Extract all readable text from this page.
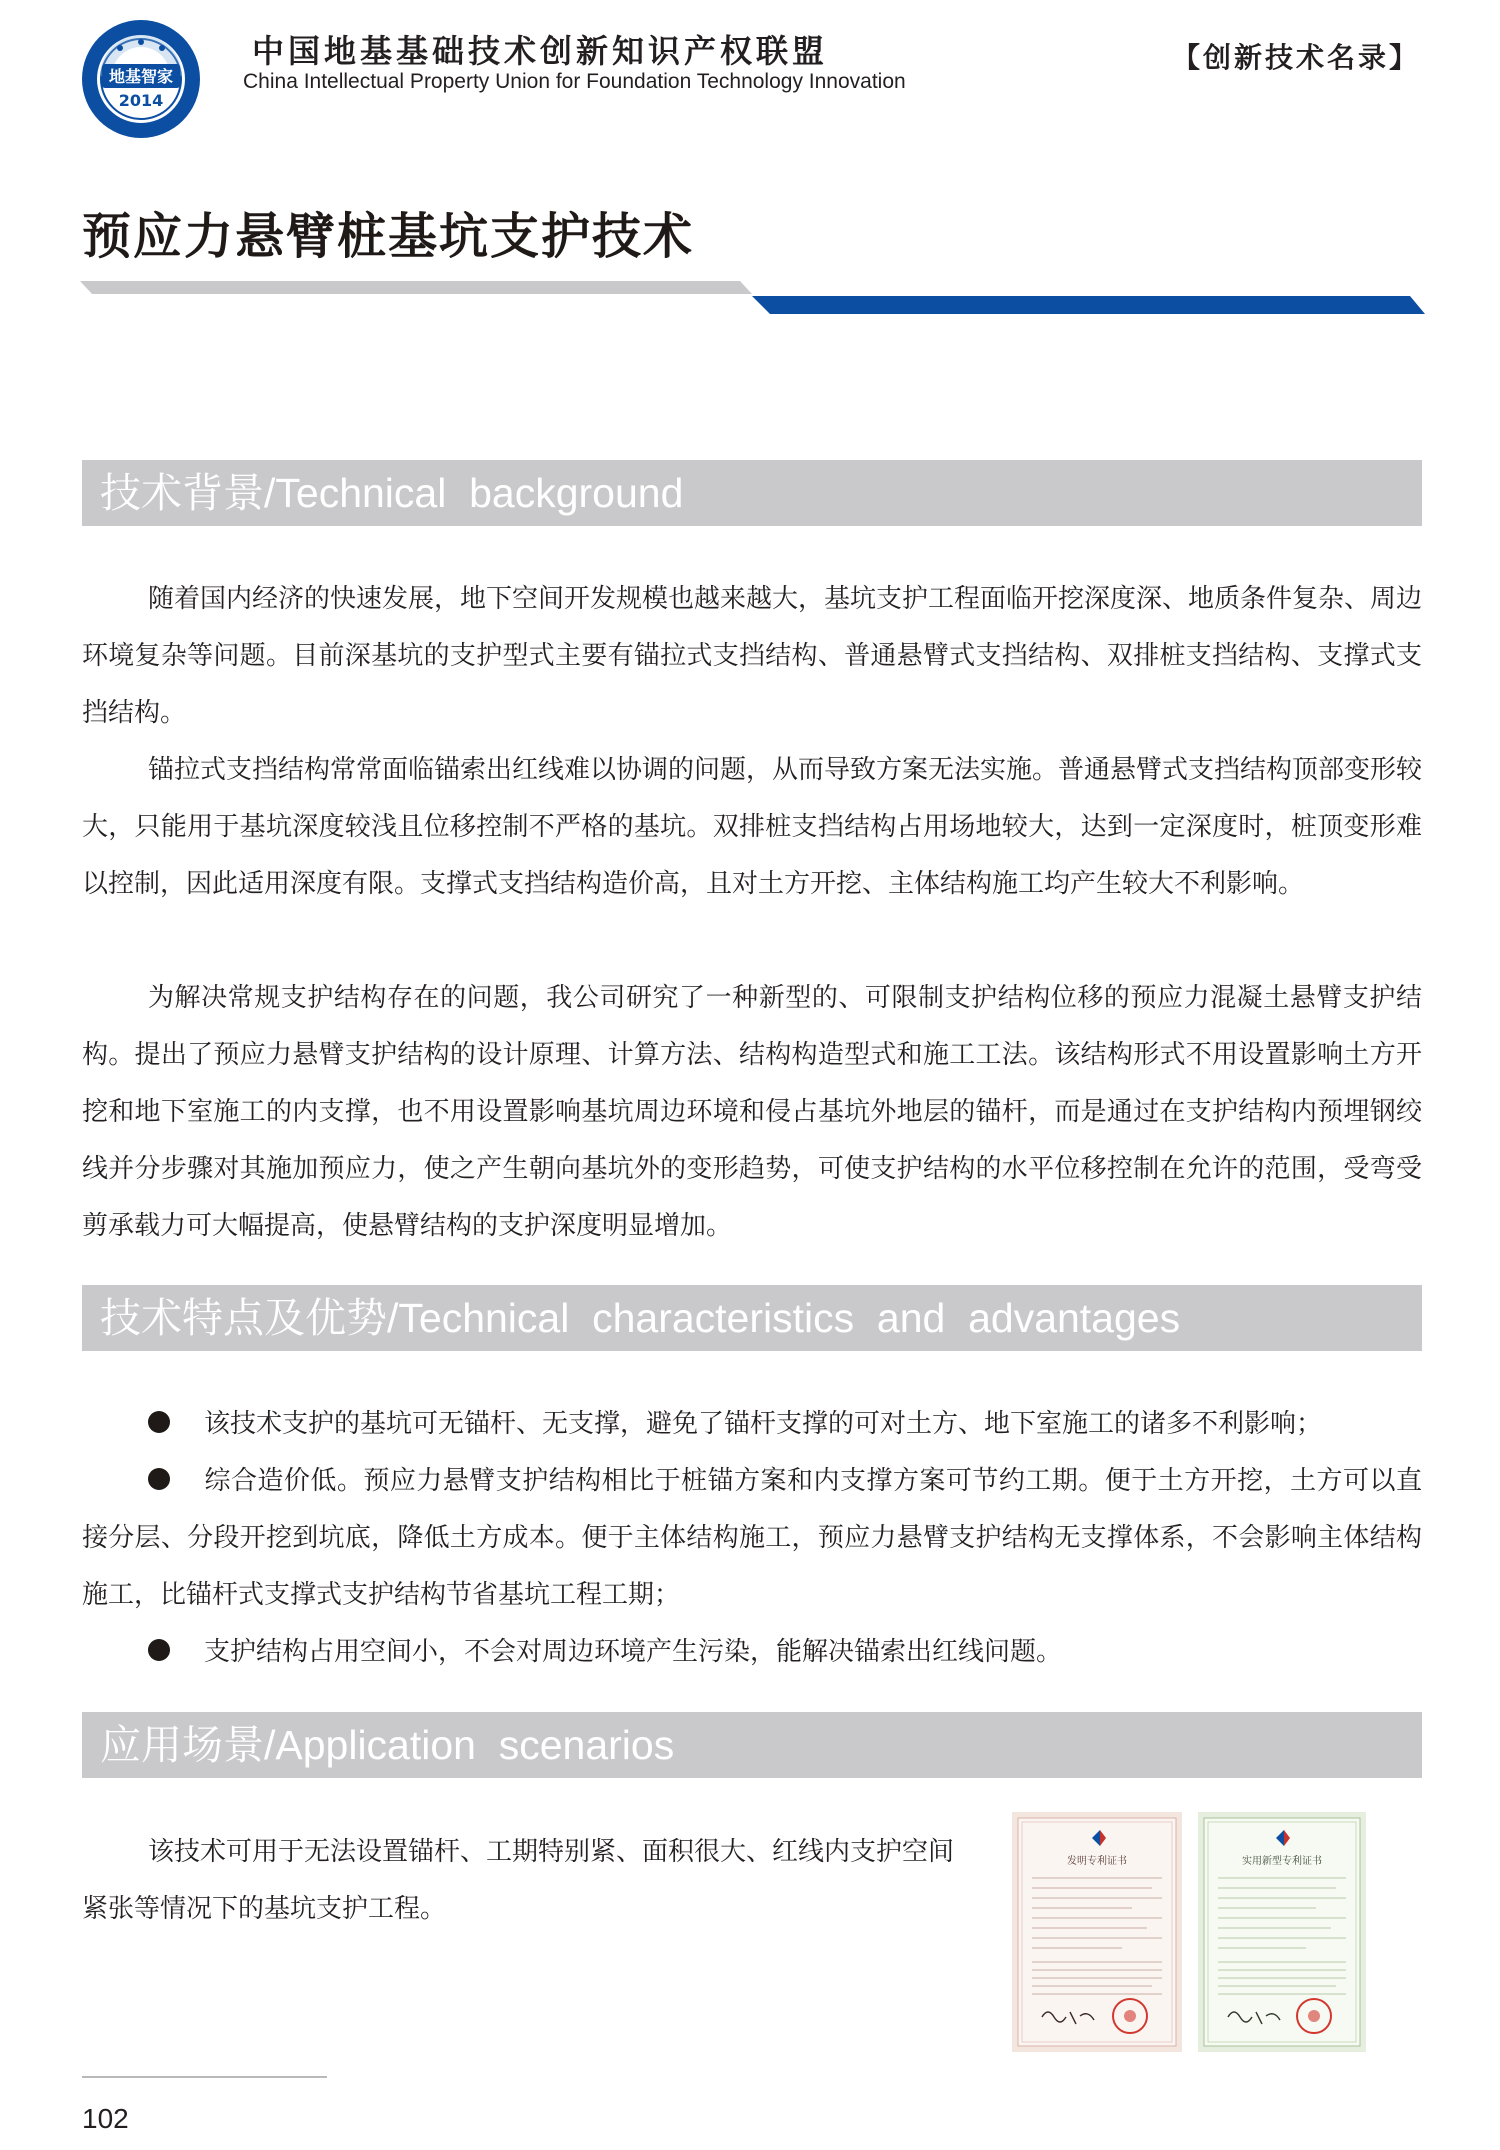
地基智家
2014
中国地基基础技术创新知识产权联盟
China Intellectual Property Union for Foundation Technology Innovation
【创新技术名录】
预应力悬臂桩基坑支护技术
技术背景/Technical  background

随着国内经济的快速发展，地下空间开发规模也越来越大，基坑支护工程面临开挖深度深、地质条件复杂、周边环境复杂等问题。目前深基坑的支护型式主要有锚拉式支挡结构、普通悬臂式支挡结构、双排桩支挡结构、支撑式支挡结构。

锚拉式支挡结构常常面临锚索出红线难以协调的问题，从而导致方案无法实施。普通悬臂式支挡结构顶部变形较大，只能用于基坑深度较浅且位移控制不严格的基坑。双排桩支挡结构占用场地较大，达到一定深度时，桩顶变形难以控制，因此适用深度有限。支撑式支挡结构造价高，且对土方开挖、主体结构施工均产生较大不利影响。

为解决常规支护结构存在的问题，我公司研究了一种新型的、可限制支护结构位移的预应力混凝土悬臂支护结构。提出了预应力悬臂支护结构的设计原理、计算方法、结构构造型式和施工工法。该结构形式不用设置影响土方开挖和地下室施工的内支撑，也不用设置影响基坑周边环境和侵占基坑外地层的锚杆，而是通过在支护结构内预埋钢绞线并分步骤对其施加预应力，使之产生朝向基坑外的变形趋势，可使支护结构的水平位移控制在允许的范围，受弯受剪承载力可大幅提高，使悬臂结构的支护深度明显增加。

技术特点及优势/Technical  characteristics  and  advantages

该技术支护的基坑可无锚杆、无支撑，避免了锚杆支撑的可对土方、地下室施工的诸多不利影响；

综合造价低。预应力悬臂支护结构相比于桩锚方案和内支撑方案可节约工期。便于土方开挖，土方可以直接分层、分段开挖到坑底，降低土方成本。便于主体结构施工，预应力悬臂支护结构无支撑体系，不会影响主体结构施工，比锚杆式支撑式支护结构节省基坑工程工期；

支护结构占用空间小，不会对周边环境产生污染，能解决锚索出红线问题。

应用场景/Application  scenarios

该技术可用于无法设置锚杆、工期特别紧、面积很大、红线内支护空间紧张等情况下的基坑支护工程。

发明专利证书	实用新型专利证书
102
